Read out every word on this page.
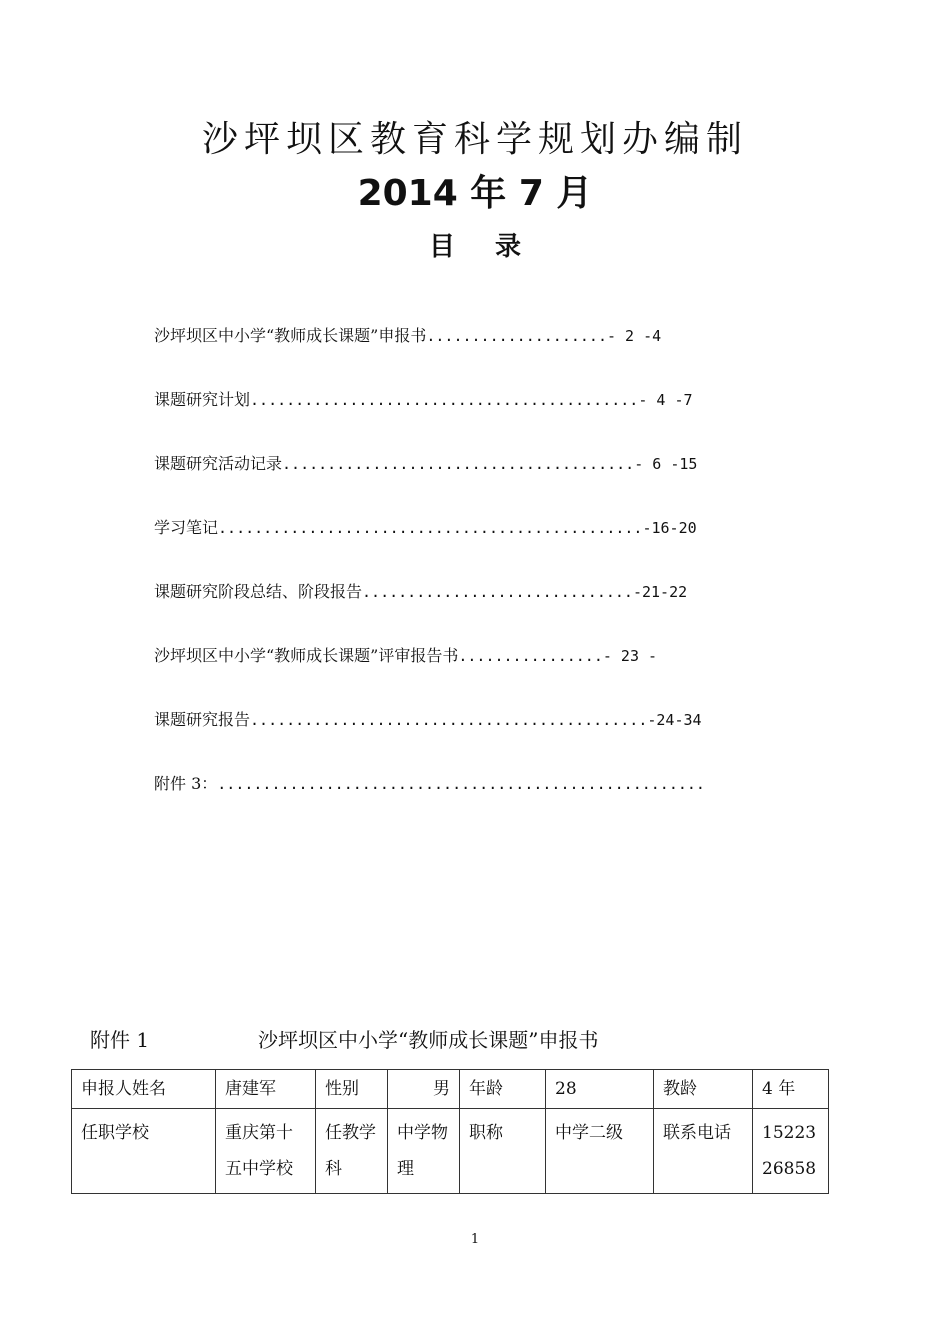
沙坪坝区教育科学规划办编制
2014 年 7 月
目录
沙坪坝区中小学“教师成长课题”申报书....................- 2 -4
课题研究计划...........................................- 4 -7
课题研究活动记录.......................................- 6 -15
学习笔记...............................................-16-20
课题研究阶段总结、阶段报告..............................-21-22
沙坪坝区中小学“教师成长课题”评审报告书................- 23 -
课题研究报告............................................-24-34
附件 3：......................................................
附件 1	沙坪坝区中小学“教师成长课题”申报书
申报人姓名	唐建军	性别	男	年龄	28	教龄	4 年
任职学校	重庆第十五中学校	任教学科	中学物理	职称	中学二级	联系电话	1522326858
1
